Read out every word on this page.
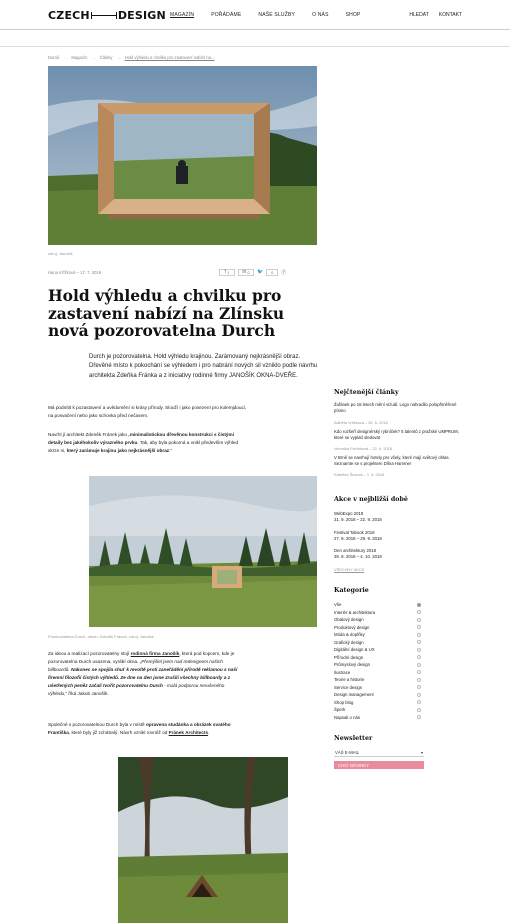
CZECH	DESIGN MAGAZÍN	POŘÁDÁME	NAŠE SLUŽBY	O NÁS	SHOP	HLEDAT KONTAKT
Domů → Magazín → Články → Hold výhledu a chvilku pro zastavení nabízí na...
zdroj: Janošík
Hana Křížková – 17. 7. 2018	f
1	in
0 🐦	0	Ⓟ
Hold výhledu a chvilku pro zastavení nabízí na Zlínsku nová pozorovatelna Durch

Durch je pozorovatelna. Hold výhledu krajinou. Zarámovaný nejkrásnější obraz. Dřevěné místo k pokochání se výhledem i pro nabrání nových sil vzniklo podle návrhu architekta Zdeňka Fránka a z iniciativy rodinné firmy JANOŠÍK OKNA-DVEŘE.

Má podnítit k pozastavení a uvědomění si krásy přírody. Slouží i jako posezení pro kolemjdoucí, na posvačení nebo jako schovka před nečasem.

Navrhl jí architekt Zdeněk Fránek jako „minimalistickou dřevěnou konstrukci s čistými detaily bez jakéhokoliv výrazného prvku. Tak, aby byla pokorná a vnikl především výhled skrze ni, který zarámuje krajinu jako nejkrásnější obraz."

Pozorovatelna Durch, návrh: Zdeněk Fránek, zdroj: Janošík

Za ideou a realizací pozorovatelny stojí rodinná firma Janošík, která pod kopcem, kde je pozorovatelna Durch usazena, vyrábí okna. „Přemýšlel jsem nad redesignem našich billboardů. Nakonec se spojila chuť k revoltě proti zaneřádění přírodě reklamou s naší firemní filozofií čistých výhledů. Ze dne na den jsme zrušili všechny billboardy a z ušetřených peněz začali tvořit pozorovatelnu Durch - malá podporou nerušeného výhledu," říká Jakub Janošík.

Společně s pozorovatelnou Durch byla v místě opravena studánka a obrázek svatého Františka, které byly již zchátralý. Návrh vznikl rovněž od Fránek Architects.

Nejčtenější články
Žufánek po 16 letech mění vizuál. Logo nahradilo polopřiměřené písmo
Alžběta Vrtišková – 26. 6. 2018
Kdo rozšeří designérský rybníček? 5 talentů z pražské UMPRUM, které se vyplatí sledovat
Veronika Pečinková – 22. 6. 2018
V Brně se navrhují hotely pro včely, které mají světový ohlas. Seznamte se s projektem Dílna Hammer
Kateřina Šusová – 1. 6. 2018
Akce v nejbližší době
WebExpo 2018
21. 9. 2018 – 22. 9. 2018
Festival Tabook 2018
27. 9. 2018 – 29. 9. 2018
Den architektury 2018
28. 9. 2018 – 4. 10. 2018
VŠECHNY AKCE
Kategorie
Vše
Interiér & architektura
Obalový design
Produktový design
Móda & doplňky
Grafický design
Digitální design & UX
Přírodní design
Průmyslový design
Ilustrace
Teorie a historie
Service design
Design management
Shop blog
Šperk
Napsali o nás
Newsletter
VÁŠ E-MAIL	▾
CHCI NOVINKY
